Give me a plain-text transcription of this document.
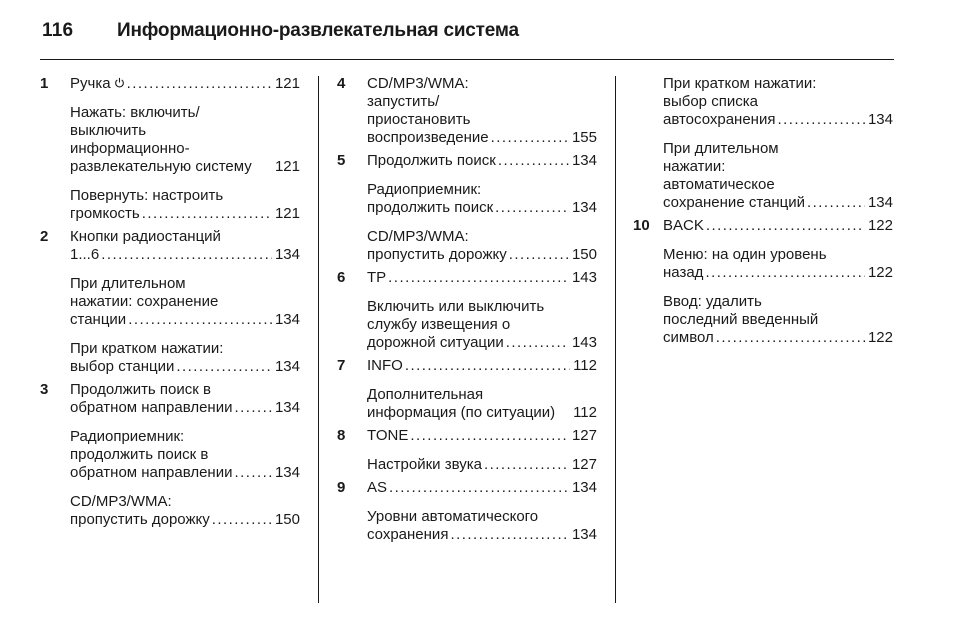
116 Информационно-развлекательная система
1 Ручка . . .	121
Нажать: включить/
выключить
информационно-
развлекательную систему 121
Повернуть: настроить
громкость . . .	121
2 Кнопки радиостанций
1...6 . . .	134
При длительном
нажатии: сохранение
станции . . .	134
При кратком нажатии:
выбор станции . . .	134
3 Продолжить поиск в
обратном направлении . . .	134
Радиоприемник:
продолжить поиск в
обратном направлении . . .	134
CD/MP3/WMA:
пропустить дорожку . . .	150
4 CD/MP3/WMA:
запустить/
приостановить
воспроизведение . . .	155
5 Продолжить поиск . . .	134
Радиоприемник:
продолжить поиск . . .	134
CD/MP3/WMA:
пропустить дорожку . . .	150
6 TP . . .	143
Включить или выключить
службу извещения о
дорожной ситуации . . .	143
7 INFO . . .	112
Дополнительная
информация (по ситуации) 112
8 TONE . . .	127
Настройки звука . . .	127
9 AS . . .	134
Уровни автоматического
сохранения . . .	134
При кратком нажатии:
выбор списка
автосохранения . . .	134
При длительном
нажатии:
автоматическое
сохранение станций . . .	134
10 BACK . . .	122
Меню: на один уровень
назад . . .	122
Ввод: удалить
последний введенный
символ . . .	122
